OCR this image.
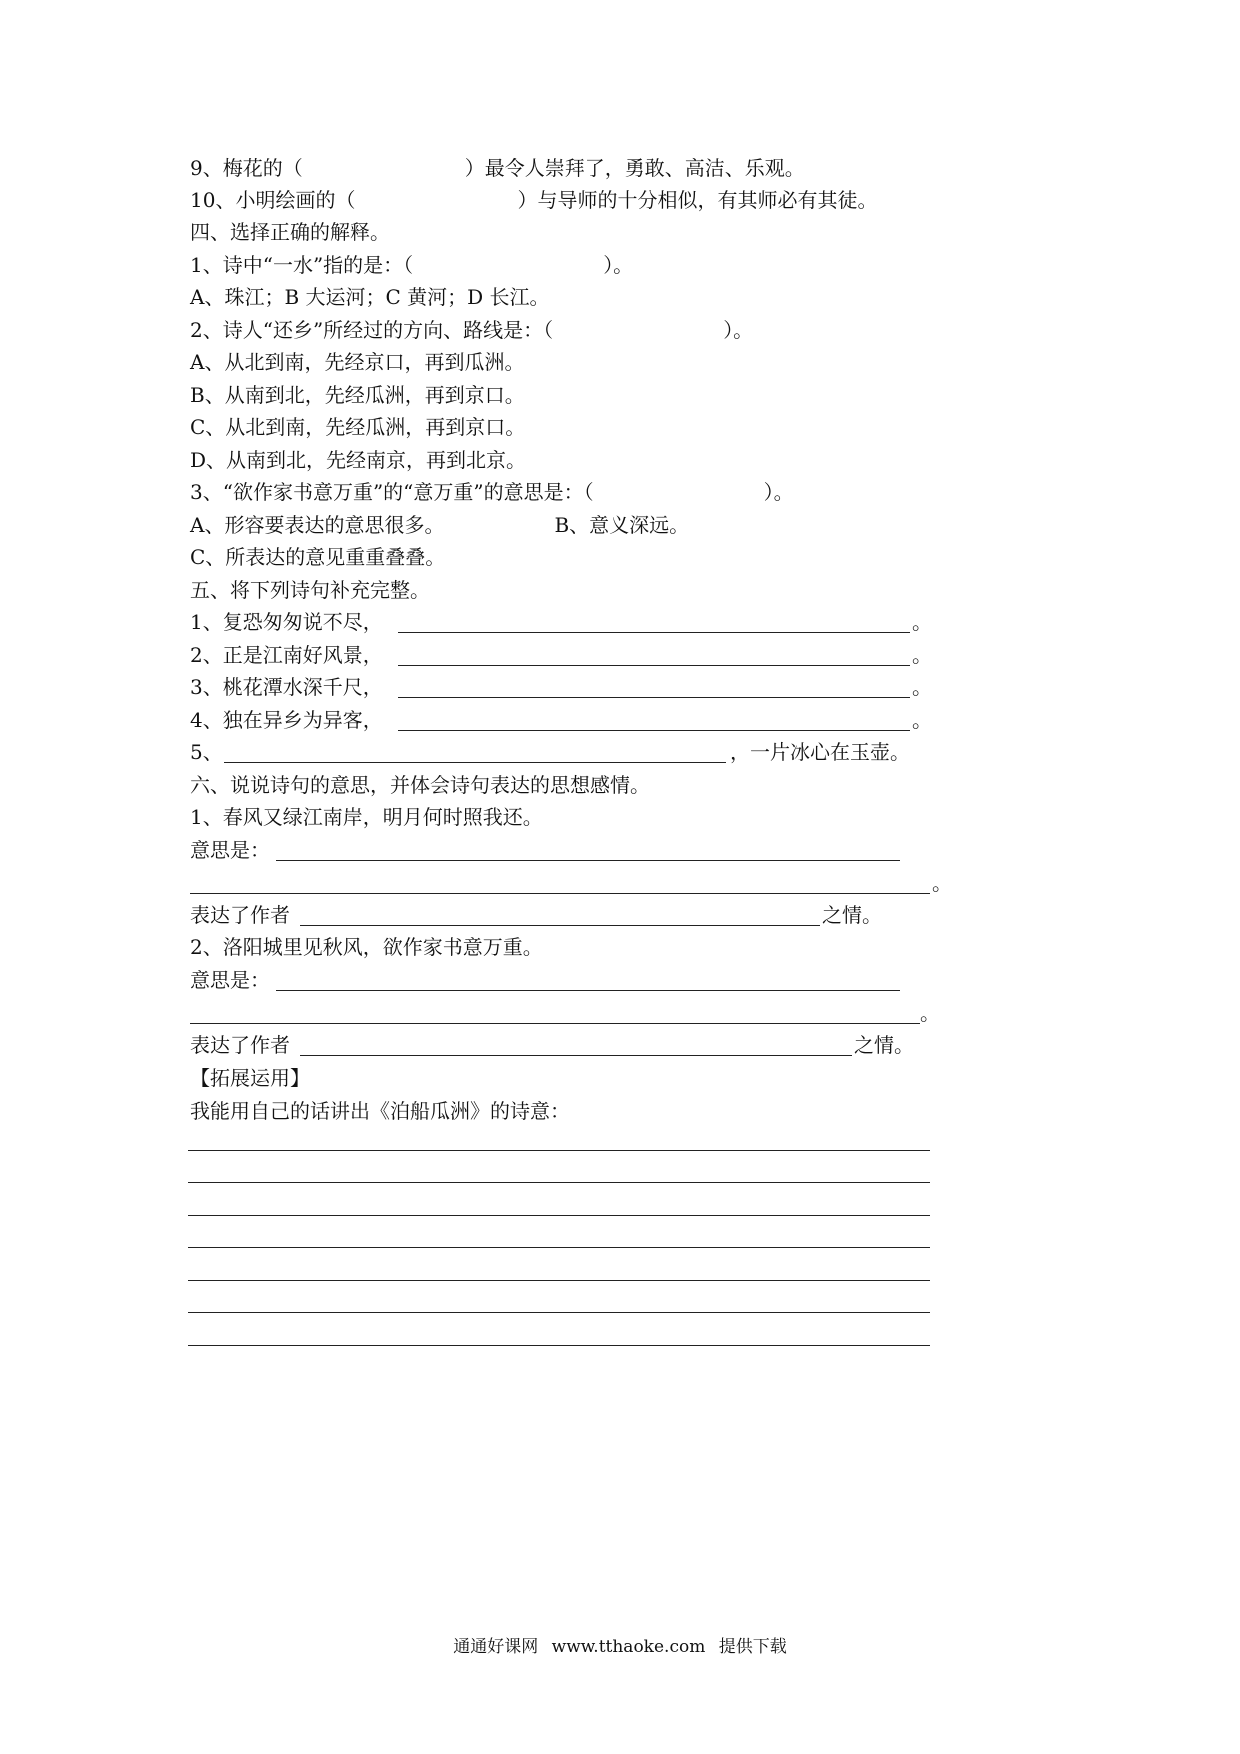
9、梅花的（	）最令人崇拜了，勇敢、高洁、乐观。
10、小明绘画的（	）与导师的十分相似，有其师必有其徒。
四、选择正确的解释。
1、诗中“一水”指的是：（	）。
A、珠江；B 大运河；C 黄河；D 长江。
2、诗人“还乡”所经过的方向、路线是：（	）。
A、从北到南，先经京口，再到瓜洲。
B、从南到北，先经瓜洲，再到京口。
C、从北到南，先经瓜洲，再到京口。
D、从南到北，先经南京，再到北京。
3、“欲作家书意万重”的“意万重”的意思是：（	）。
A、形容要表达的意思很多。	B、意义深远。
C、所表达的意见重重叠叠。
五、将下列诗句补充完整。
1、复恐匆匆说不尽，	。
2、正是江南好风景，	。
3、桃花潭水深千尺，	。
4、独在异乡为异客，	。
5、	，一片冰心在玉壶。
六、说说诗句的意思，并体会诗句表达的思想感情。
1、春风又绿江南岸，明月何时照我还。
意思是：
。
表达了作者	之情。
2、洛阳城里见秋风，欲作家书意万重。
意思是：
。
表达了作者	之情。
【拓展运用】
我能用自己的话讲出《泊船瓜洲》的诗意：
通通好课网 www.tthaoke.com 提供下载
